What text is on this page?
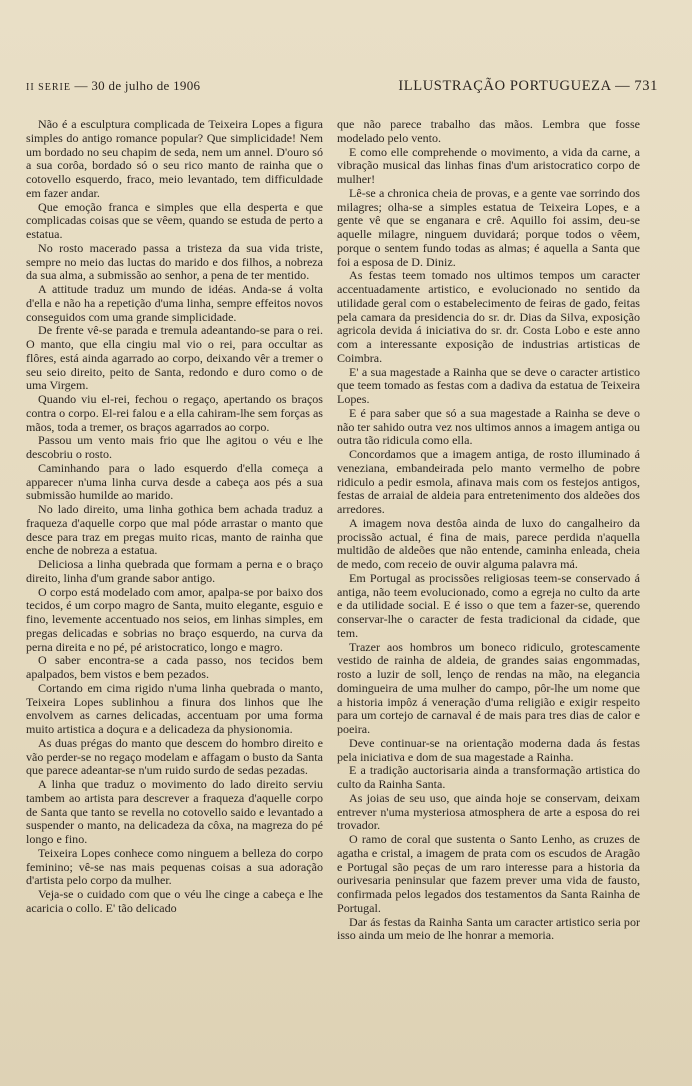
II SERIE — 30 de julho de 1906	ILLUSTRAÇÃO PORTUGUEZA — 731

Não é a esculptura complicada de Teixeira Lopes a figura simples do antigo romance popular? Que simplicidade! Nem um bordado no seu chapim de seda, nem um annel. D'ouro só a sua corôa, bordado só o seu rico manto de rainha que o cotovello esquerdo, fraco, meio levantado, tem difficuldade em fazer andar.

Que emoção franca e simples que ella desperta e que complicadas coisas que se vêem, quando se estuda de perto a estatua.

No rosto macerado passa a tristeza da sua vida triste, sempre no meio das luctas do marido e dos filhos, a nobreza da sua alma, a submissão ao senhor, a pena de ter mentido.

A attitude traduz um mundo de idéas. Anda-se á volta d'ella e não ha a repetição d'uma linha, sempre effeitos novos conseguidos com uma grande simplicidade.

De frente vê-se parada e tremula adeantando-se para o rei. O manto, que ella cingiu mal vio o rei, para occultar as flôres, está ainda agarrado ao corpo, deixando vêr a tremer o seu seio direito, peito de Santa, redondo e duro como o de uma Virgem.

Quando viu el-rei, fechou o regaço, apertando os braços contra o corpo. El-rei falou e a ella cahiram-lhe sem forças as mãos, toda a tremer, os braços agarrados ao corpo.

Passou um vento mais frio que lhe agitou o véu e lhe descobriu o rosto.

Caminhando para o lado esquerdo d'ella começa a apparecer n'uma linha curva desde a cabeça aos pés a sua submissão humilde ao marido.

No lado direito, uma linha gothica bem achada traduz a fraqueza d'aquelle corpo que mal póde arrastar o manto que desce para traz em pregas muito ricas, manto de rainha que enche de nobreza a estatua.

Deliciosa a linha quebrada que formam a perna e o braço direito, linha d'um grande sabor antigo.

O corpo está modelado com amor, apalpa-se por baixo dos tecidos, é um corpo magro de Santa, muito elegante, esguio e fino, levemente accentuado nos seios, em linhas simples, em pregas delicadas e sobrias no braço esquerdo, na curva da perna direita e no pé, pé aristocratico, longo e magro.

O saber encontra-se a cada passo, nos tecidos bem apalpados, bem vistos e bem pezados.

Cortando em cima rigido n'uma linha quebrada o manto, Teixeira Lopes sublinhou a finura dos linhos que lhe envolvem as carnes delicadas, accentuam por uma forma muito artistica a doçura e a delicadeza da physionomia.

As duas prégas do manto que descem do hombro direito e vão perder-se no regaço modelam e affagam o busto da Santa que parece adeantar-se n'um ruido surdo de sedas pezadas.

A linha que traduz o movimento do lado direito serviu tambem ao artista para descrever a fraqueza d'aquelle corpo de Santa que tanto se revella no cotovello saido e levantado a suspender o manto, na delicadeza da côxa, na magreza do pé longo e fino.

Teixeira Lopes conhece como ninguem a belleza do corpo feminino; vê-se nas mais pequenas coisas a sua adoração d'artista pelo corpo da mulher.

Veja-se o cuidado com que o véu lhe cinge a cabeça e lhe acaricia o collo. E' tão delicado

que não parece trabalho das mãos. Lembra que fosse modelado pelo vento.

E como elle comprehende o movimento, a vida da carne, a vibração musical das linhas finas d'um aristocratico corpo de mulher!

Lê-se a chronica cheia de provas, e a gente vae sorrindo dos milagres; olha-se a simples estatua de Teixeira Lopes, e a gente vê que se enganara e crê. Aquillo foi assim, deu-se aquelle milagre, ninguem duvidará; porque todos o vêem, porque o sentem fundo todas as almas; é aquella a Santa que foi a esposa de D. Diniz.

As festas teem tomado nos ultimos tempos um caracter accentuadamente artistico, e evolucionado no sentido da utilidade geral com o estabelecimento de feiras de gado, feitas pela camara da presidencia do sr. dr. Dias da Silva, exposição agricola devida á iniciativa do sr. dr. Costa Lobo e este anno com a interessante exposição de industrias artisticas de Coimbra.

E' a sua magestade a Rainha que se deve o caracter artistico que teem tomado as festas com a dadiva da estatua de Teixeira Lopes.

E é para saber que só a sua magestade a Rainha se deve o não ter sahido outra vez nos ultimos annos a imagem antiga ou outra tão ridicula como ella.

Concordamos que a imagem antiga, de rosto illuminado á veneziana, embandeirada pelo manto vermelho de pobre ridiculo a pedir esmola, afinava mais com os festejos antigos, festas de arraial de aldeia para entretenimento dos aldeões dos arredores.

A imagem nova destôa ainda de luxo do cangalheiro da procissão actual, é fina de mais, parece perdida n'aquella multidão de aldeões que não entende, caminha enleada, cheia de medo, com receio de ouvir alguma palavra má.

Em Portugal as procissões religiosas teem-se conservado á antiga, não teem evolucionado, como a egreja no culto da arte e da utilidade social. E é isso o que tem a fazer-se, querendo conservar-lhe o caracter de festa tradicional da cidade, que tem.

Trazer aos hombros um boneco ridiculo, grotescamente vestido de rainha de aldeia, de grandes saias engommadas, rosto a luzir de soll, lenço de rendas na mão, na elegancia domingueira de uma mulher do campo, pôr-lhe um nome que a historia impôz á veneração d'uma religião e exigir respeito para um cortejo de carnaval é de mais para tres dias de calor e poeira.

Deve continuar-se na orientação moderna dada ás festas pela iniciativa e dom de sua magestade a Rainha.

E a tradição auctorisaria ainda a transformação artistica do culto da Rainha Santa.

As joias de seu uso, que ainda hoje se conservam, deixam entrever n'uma mysteriosa atmosphera de arte a esposa do rei trovador.

O ramo de coral que sustenta o Santo Lenho, as cruzes de agatha e cristal, a imagem de prata com os escudos de Aragão e Portugal são peças de um raro interesse para a historia da ourivesaria peninsular que fazem prever uma vida de fausto, confirmada pelos legados dos testamentos da Santa Rainha de Portugal.

Dar ás festas da Rainha Santa um caracter artistico seria por isso ainda um meio de lhe honrar a memoria.
